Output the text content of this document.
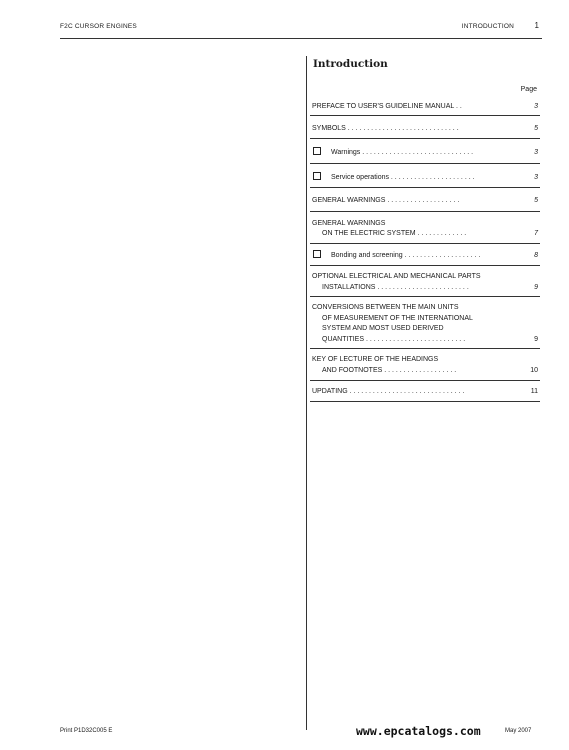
F2C CURSOR ENGINES	INTRODUCTION	1
Introduction
Page
PREFACE TO USER'S GUIDELINE MANUAL . .	3
SYMBOLS . . . . . . . . . . . . . . . . . . . . . . . . . . . . .	5
Warnings . . . . . . . . . . . . . . . . . . . . . . . . . . . . .	3
Service operations . . . . . . . . . . . . . . . . . . . . . .	3
GENERAL WARNINGS . . . . . . . . . . . . . . . . . . .	5
GENERAL WARNINGS
ON THE ELECTRIC SYSTEM . . . . . . . . . . . . .	7
Bonding and screening . . . . . . . . . . . . . . . . . . . .	8
OPTIONAL ELECTRICAL AND MECHANICAL PARTS
INSTALLATIONS . . . . . . . . . . . . . . . . . . . . . . . .	9
CONVERSIONS BETWEEN THE MAIN UNITS
OF MEASUREMENT OF THE INTERNATIONAL
SYSTEM AND MOST USED DERIVED
QUANTITIES . . . . . . . . . . . . . . . . . . . . . . . . . .	9
KEY OF LECTURE OF THE HEADINGS
AND FOOTNOTES . . . . . . . . . . . . . . . . . . .	10
UPDATING . . . . . . . . . . . . . . . . . . . . . . . . . . . . . .	11
Print P1D32C005 E	May 2007
www.epcatalogs.com
